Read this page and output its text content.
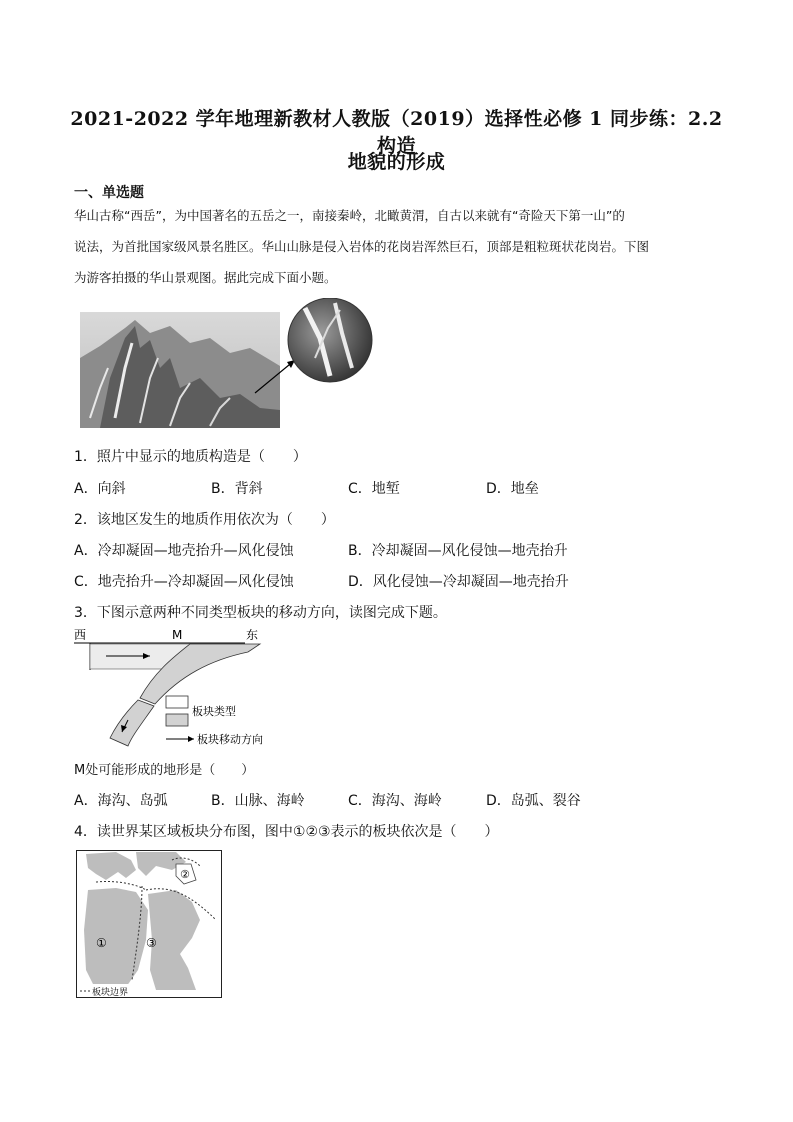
2021-2022 学年地理新教材人教版（2019）选择性必修 1 同步练：2.2 构造
地貌的形成
一、单选题
华山古称“西岳”，为中国著名的五岳之一，南接秦岭，北瞰黄渭，自古以来就有“奇险天下第一山”的
说法，为首批国家级风景名胜区。华山山脉是侵入岩体的花岗岩浑然巨石，顶部是粗粒斑状花岗岩。下图
为游客拍摄的华山景观图。据此完成下面小题。
1．照片中显示的地质构造是（　　）
A．向斜	B．背斜	C．地堑	D．地垒
2．该地区发生的地质作用依次为（　　）
A．冷却凝固—地壳抬升—风化侵蚀	B．冷却凝固—风化侵蚀—地壳抬升
C．地壳抬升—冷却凝固—风化侵蚀	D．风化侵蚀—冷却凝固—地壳抬升
3．下图示意两种不同类型板块的移动方向，读图完成下题。
西	M	东
板块类型
板块移动方向
M处可能形成的地形是（　　）
A．海沟、岛弧	B．山脉、海岭	C．海沟、海岭	D．岛弧、裂谷
4．读世界某区域板块分布图，图中①②③表示的板块依次是（　　）
①
②
③
板块边界
